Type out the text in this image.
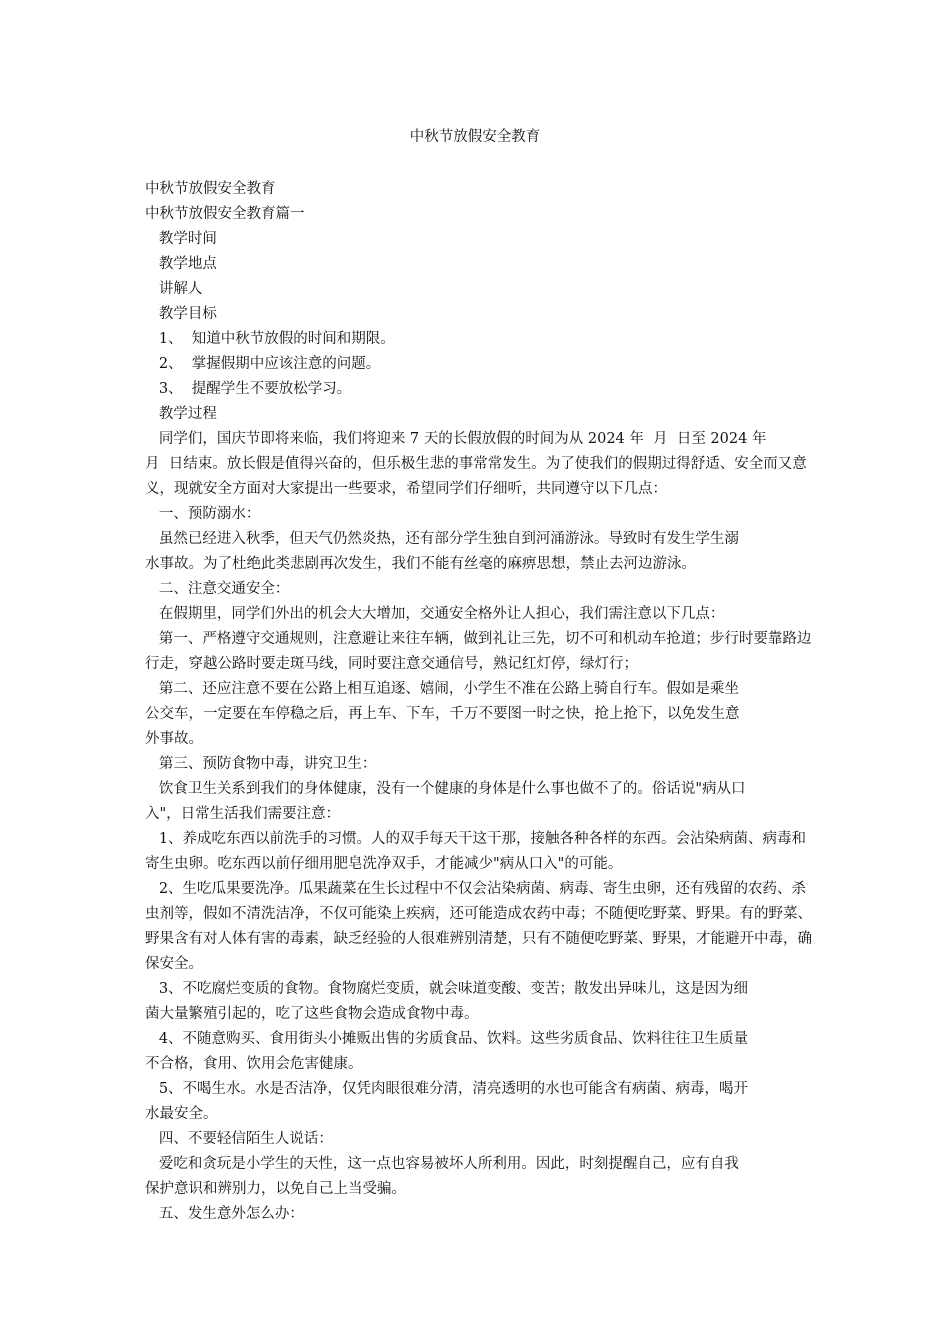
中秋节放假安全教育

中秋节放假安全教育

中秋节放假安全教育篇一

教学时间

教学地点

讲解人

教学目标

1、  知道中秋节放假的时间和期限。

2、  掌握假期中应该注意的问题。

3、  提醒学生不要放松学习。

教学过程

同学们，国庆节即将来临，我们将迎来 7 天的长假放假的时间为从 2024 年  月  日至 2024 年
月  日结束。放长假是值得兴奋的，但乐极生悲的事常常发生。为了使我们的假期过得舒适、安全而又意义，现就安全方面对大家提出一些要求，希望同学们仔细听，共同遵守以下几点：

一、预防溺水：

虽然已经进入秋季，但天气仍然炎热，还有部分学生独自到河涌游泳。导致时有发生学生溺
水事故。为了杜绝此类悲剧再次发生，我们不能有丝毫的麻痹思想，禁止去河边游泳。

二、注意交通安全：

在假期里，同学们外出的机会大大增加，交通安全格外让人担心，我们需注意以下几点：

第一、严格遵守交通规则，注意避让来往车辆，做到礼让三先，切不可和机动车抢道；步行时要靠路边行走，穿越公路时要走斑马线，同时要注意交通信号，熟记红灯停，绿灯行；

第二、还应注意不要在公路上相互追逐、嬉闹，小学生不准在公路上骑自行车。假如是乘坐
公交车，一定要在车停稳之后，再上车、下车，千万不要图一时之快，抢上抢下，以免发生意
外事故。

第三、预防食物中毒，讲究卫生：

饮食卫生关系到我们的身体健康，没有一个健康的身体是什么事也做不了的。俗话说"病从口
入"，日常生活我们需要注意：

1、养成吃东西以前洗手的习惯。人的双手每天干这干那，接触各种各样的东西。会沾染病菌、病毒和寄生虫卵。吃东西以前仔细用肥皂洗净双手，才能减少"病从口入"的可能。

2、生吃瓜果要洗净。瓜果蔬菜在生长过程中不仅会沾染病菌、病毒、寄生虫卵，还有残留的农药、杀虫剂等，假如不清洗洁净，不仅可能染上疾病，还可能造成农药中毒；不随便吃野菜、野果。有的野菜、野果含有对人体有害的毒素，缺乏经验的人很难辨别清楚，只有不随便吃野菜、野果，才能避开中毒，确保安全。

3、不吃腐烂变质的食物。食物腐烂变质，就会味道变酸、变苦；散发出异味儿，这是因为细
菌大量繁殖引起的，吃了这些食物会造成食物中毒。

4、不随意购买、食用街头小摊贩出售的劣质食品、饮料。这些劣质食品、饮料往往卫生质量
不合格，食用、饮用会危害健康。

5、不喝生水。水是否洁净，仅凭肉眼很难分清，清亮透明的水也可能含有病菌、病毒，喝开
水最安全。

四、不要轻信陌生人说话：

爱吃和贪玩是小学生的天性，这一点也容易被坏人所利用。因此，时刻提醒自己，应有自我
保护意识和辨别力，以免自己上当受骗。

五、发生意外怎么办：
